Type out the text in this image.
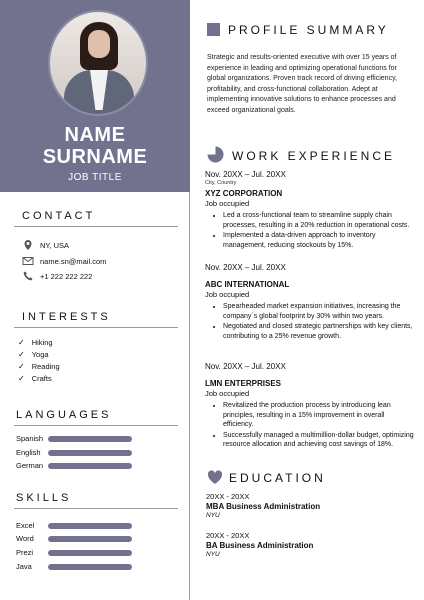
NAME
SURNAME
JOB TITLE
CONTACT
NY, USA
name.sn@mail.com
+1 222 222 222
INTERESTS
✓ Hiking
✓ Yoga
✓ Reading
✓ Crafts
LANGUAGES
Spanish
English
German
SKILLS
Excel
Word
Prezi
Java
PROFILE SUMMARY
Strategic and results-oriented executive with over 15 years of experience in leading and optimizing operational functions for global organizations. Proven track record of driving efficiency, profitability, and cross-functional collaboration. Adept at implementing innovative solutions to enhance processes and exceed organizational goals.
WORK EXPERIENCE
Nov. 20XX – Jul. 20XX
City, Country
XYZ CORPORATION
Job occupied
• Led a cross-functional team to streamline supply chain processes, resulting in a 20% reduction in operational costs.
• Implemented a data-driven approach to inventory management, reducing stockouts by 15%.
Nov. 20XX – Jul. 20XX
ABC INTERNATIONAL
Job occupied
• Spearheaded market expansion initiatives, increasing the company´s global footprint by 30% within two years.
• Negotiated and closed strategic partnerships with key clients, contributing to a 25% revenue growth.
Nov. 20XX – Jul. 20XX
LMN ENTERPRISES
Job occupied
• Revitalized the production process by introducing lean principles, resulting in a 15% improvement in overall efficiency.
• Successfully managed a multimillion-dollar budget, optimizing resource allocation and achieving cost savings of 18%.
EDUCATION
20XX - 20XX
MBA Business Administration
NYU
20XX - 20XX
BA Business Administration
NYU
